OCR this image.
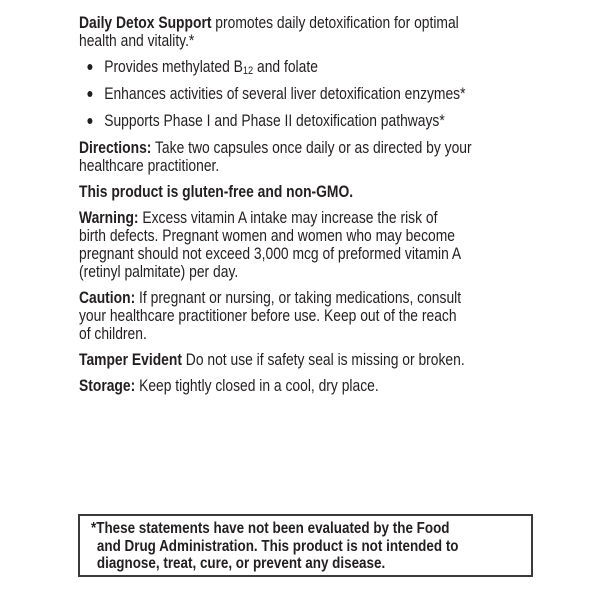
Daily Detox Support promotes daily detoxification for optimal
health and vitality.*

Provides methylated $B_{12}$ and folate
Enhances activities of several liver detoxification enzymes*
Supports Phase I and Phase II detoxification pathways*

Directions: Take two capsules once daily or as directed by your
healthcare practitioner.

This product is gluten-free and non-GMO.

Warning: Excess vitamin A intake may increase the risk of
birth defects. Pregnant women and women who may become
pregnant should not exceed 3,000 mcg of preformed vitamin A
(retinyl palmitate) per day.

Caution: If pregnant or nursing, or taking medications, consult
your healthcare practitioner before use. Keep out of the reach
of children.

Tamper Evident Do not use if safety seal is missing or broken.

Storage: Keep tightly closed in a cool, dry place.

*These statements have not been evaluated by the Food
and Drug Administration. This product is not intended to
diagnose, treat, cure, or prevent any disease.
